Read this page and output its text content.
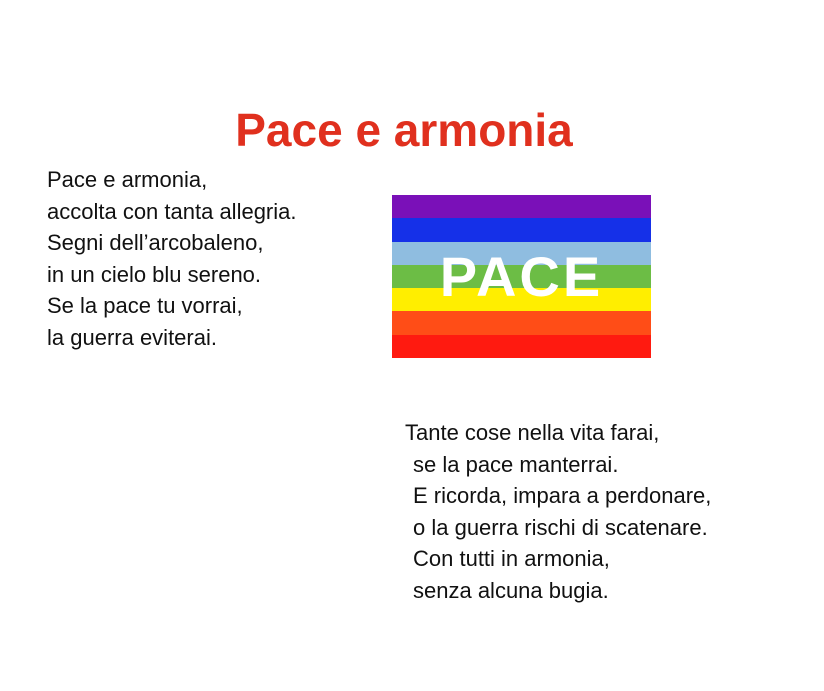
Pace e armonia
Pace e armonia,
accolta con tanta allegria.
Segni dell’arcobaleno,
in un cielo blu sereno.
Se la pace tu vorrai,
la guerra eviterai.
PACE
Tante cose nella vita farai,
se la pace manterrai.
E ricorda, impara a perdonare,
o la guerra rischi di scatenare.
Con tutti in armonia,
senza alcuna bugia.
